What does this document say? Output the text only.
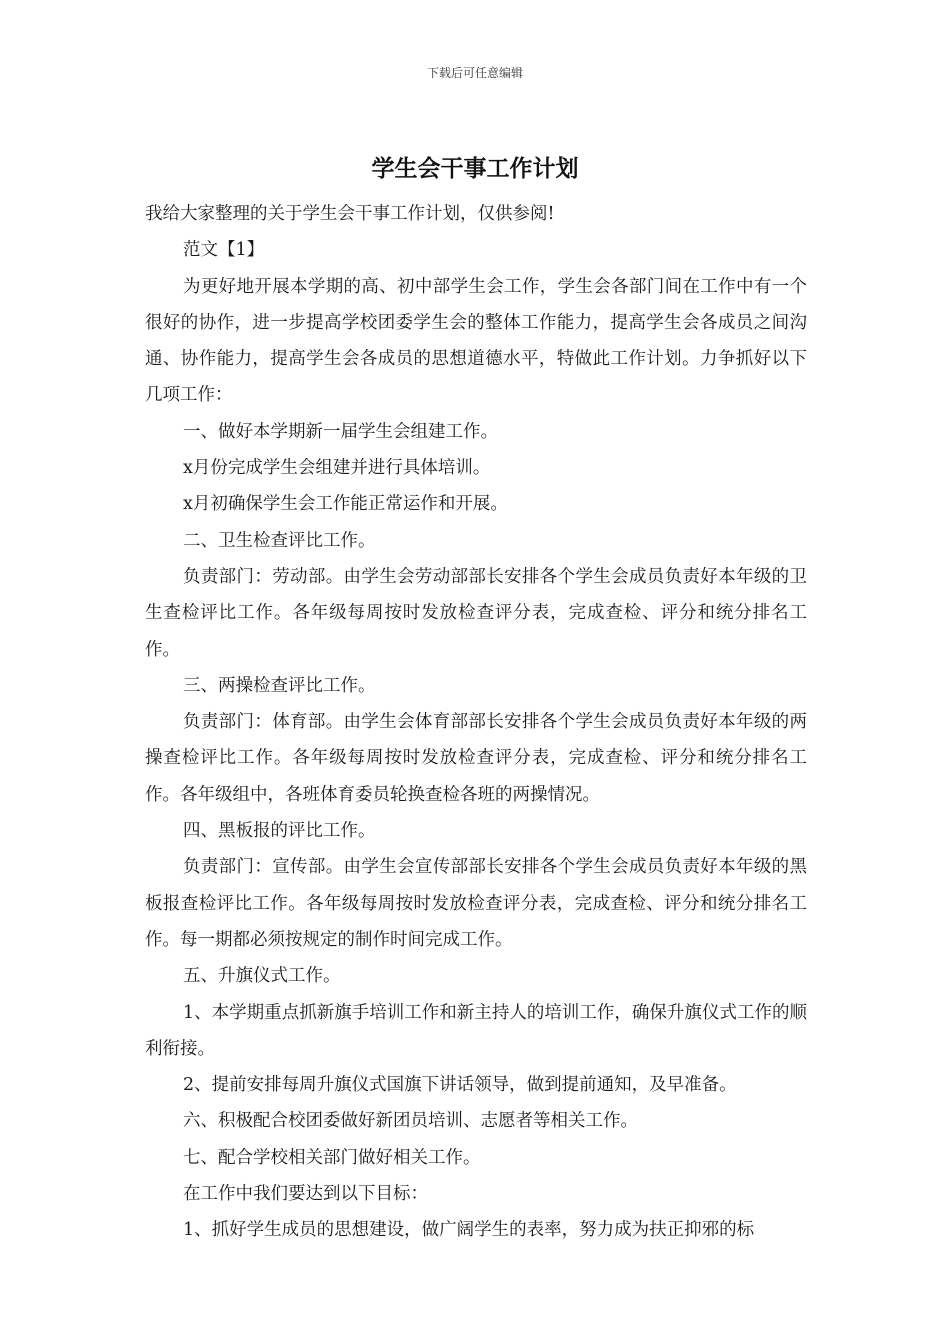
下载后可任意编辑
学生会干事工作计划

我给大家整理的关于学生会干事工作计划，仅供参阅!

范文【1】

为更好地开展本学期的高、初中部学生会工作，学生会各部门间在工作中有一个很好的协作，进一步提高学校团委学生会的整体工作能力，提高学生会各成员之间沟通、协作能力，提高学生会各成员的思想道德水平，特做此工作计划。力争抓好以下几项工作：

一、做好本学期新一届学生会组建工作。

x月份完成学生会组建并进行具体培训。

x月初确保学生会工作能正常运作和开展。

二、卫生检查评比工作。

负责部门：劳动部。由学生会劳动部部长安排各个学生会成员负责好本年级的卫生查检评比工作。各年级每周按时发放检查评分表，完成查检、评分和统分排名工作。

三、两操检查评比工作。

负责部门：体育部。由学生会体育部部长安排各个学生会成员负责好本年级的两操查检评比工作。各年级每周按时发放检查评分表，完成查检、评分和统分排名工作。各年级组中，各班体育委员轮换查检各班的两操情况。

四、黑板报的评比工作。

负责部门：宣传部。由学生会宣传部部长安排各个学生会成员负责好本年级的黑板报查检评比工作。各年级每周按时发放检查评分表，完成查检、评分和统分排名工作。每一期都必须按规定的制作时间完成工作。

五、升旗仪式工作。

1、本学期重点抓新旗手培训工作和新主持人的培训工作，确保升旗仪式工作的顺利衔接。

2、提前安排每周升旗仪式国旗下讲话领导，做到提前通知，及早准备。

六、积极配合校团委做好新团员培训、志愿者等相关工作。

七、配合学校相关部门做好相关工作。

在工作中我们要达到以下目标：

1、抓好学生成员的思想建设，做广阔学生的表率，努力成为扶正抑邪的标
